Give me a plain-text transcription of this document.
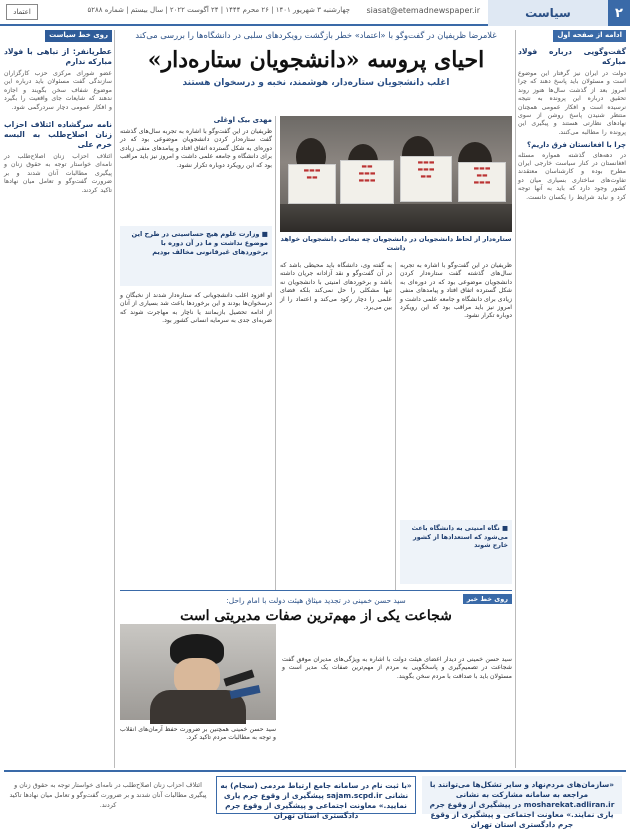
۲
سیاست
siasat@etemadnewspaper.ir
چهارشنبه ۳ شهریور ۱۴۰۱ | ۲۶ محرم ۱۴۴۴ | ۲۴ آگوست ۲۰۲۲ | سال بیستم | شماره ۵۲۸۸
اعتماد
ادامه از صفحه اول
گفت‌وگویی درباره فولاد مبارکه
دولت در ایران نیز گرفتار این موضوع است و مسئولان باید پاسخ دهند که چرا امروز بعد از گذشت سال‌ها هنوز روند تحقیق درباره این پرونده به نتیجه نرسیده است و افکار عمومی همچنان منتظر شنیدن پاسخ روشن از سوی نهادهای نظارتی هستند و پیگیری این پرونده را مطالبه می‌کنند.
چرا با افغانستان فرق داریم؟
در دهه‌های گذشته همواره مسئله افغانستان در کنار سیاست خارجی ایران مطرح بوده و کارشناسان معتقدند تفاوت‌های ساختاری بسیاری میان دو کشور وجود دارد که باید به آنها توجه کرد و نباید شرایط را یکسان دانست.
روی خط سیاست
عطریانفر: از تباهی با فولاد مبارکه ندارم
عضو شورای مرکزی حزب کارگزاران سازندگی گفت مسئولان باید درباره این موضوع شفاف سخن بگویند و اجازه ندهند که شایعات جای واقعیت را بگیرد و افکار عمومی دچار سردرگمی شود.
نامه سرگشاده ائتلاف احزاب زنان اصلاح‌طلب به البسه خرم علی
ائتلاف احزاب زنان اصلاح‌طلب در نامه‌ای خواستار توجه به حقوق زنان و پیگیری مطالبات آنان شدند و بر ضرورت گفت‌وگو و تعامل میان نهادها تاکید کردند.
غلامرضا ظریفیان در گفت‌وگو با «اعتماد» خطر بازگشت رویکردهای سلبی در دانشگاه‌ها را بررسی می‌کند
احیای پروسه «دانشجویان ستاره‌دار»
اغلب دانشجویان ستاره‌دار، هوشمند، نخبه و درسخوان هستند
▬▬▬
▬▬
▬▬▬
▬▬▬
▬▬▬
▬▬
▬▬
▬▬▬
▬▬▬
▬▬▬
▬▬
ستاره‌دار از لحاظ دانشجویان در دانشجویان چه تبعاتی دانشجویان خواهد داشت
مهدی بیک اوغلی
ظریفیان در این گفت‌وگو با اشاره به تجربه سال‌های گذشته گفت ستاره‌دار کردن دانشجویان موضوعی بود که در دوره‌ای به شکل گسترده اتفاق افتاد و پیامدهای منفی زیادی برای دانشگاه و جامعه علمی داشت و امروز نیز باید مراقب بود که این رویکرد دوباره تکرار نشود.
■ وزارت علوم هیچ حساسیتی در طرح این موضوع نداشت و ما در آن دوره با برخوردهای غیرقانونی مخالف بودیم
او افزود اغلب دانشجویانی که ستاره‌دار شدند از نخبگان و درسخوان‌ها بودند و این برخوردها باعث شد بسیاری از آنان از ادامه تحصیل بازبمانند یا ناچار به مهاجرت شوند که ضربه‌ای جدی به سرمایه انسانی کشور بود.
به گفته وی، دانشگاه باید محیطی باشد که در آن گفت‌وگو و نقد آزادانه جریان داشته باشد و برخوردهای امنیتی با دانشجویان نه تنها مشکلی را حل نمی‌کند بلکه فضای علمی را دچار رکود می‌کند و اعتماد را از بین می‌برد.
ظریفیان در این گفت‌وگو با اشاره به تجربه سال‌های گذشته گفت ستاره‌دار کردن دانشجویان موضوعی بود که در دوره‌ای به شکل گسترده اتفاق افتاد و پیامدهای منفی زیادی برای دانشگاه و جامعه علمی داشت و امروز نیز باید مراقب بود که این رویکرد دوباره تکرار نشود.
■ نگاه امنیتی به دانشگاه باعث می‌شود که استعدادها از کشور خارج شوند
روی خط خبر
سید حسن خمینی در تجدید میثاق هیئت دولت با امام راحل:
شجاعت یکی از مهم‌ترین صفات مدیریتی است
سید حسن خمینی در دیدار اعضای هیئت دولت با اشاره به ویژگی‌های مدیران موفق گفت شجاعت در تصمیم‌گیری و پاسخگویی به مردم از مهم‌ترین صفات یک مدیر است و مسئولان باید با صداقت با مردم سخن بگویند.
سید حسن خمینی همچنین بر ضرورت حفظ آرمان‌های انقلاب و توجه به مطالبات مردم تاکید کرد.
«سازمان‌های مردم‌نهاد و سایر تشکل‌ها می‌توانند با مراجعه به سامانه مشارکت به نشانی mosharekat.adliran.ir در پیشگیری از وقوع جرم یاری نمایند.» معاونت اجتماعی و پیشگیری از وقوع جرم دادگستری استان تهران
«با ثبت نام در سامانه جامع ارتباط مردمی (سجام) به نشانی sajam.scpd.ir پیشگیری از وقوع جرم یاری نمایید.» معاونت اجتماعی و پیشگیری از وقوع جرم دادگستری استان تهران
ائتلاف احزاب زنان اصلاح‌طلب در نامه‌ای خواستار توجه به حقوق زنان و پیگیری مطالبات آنان شدند و بر ضرورت گفت‌وگو و تعامل میان نهادها تاکید کردند.
